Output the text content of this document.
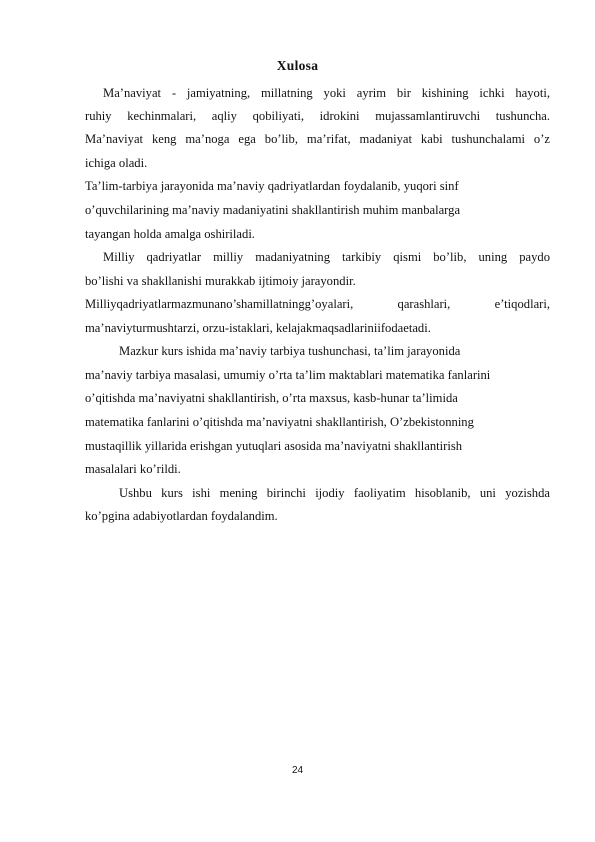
Xulosa
Ma’naviyat - jamiyatning, millatning yoki ayrim bir kishining ichki hayoti,
ruhiy kechinmalari, aqliy qobiliyati, idrokini mujassamlantiruvchi tushuncha.
Ma’naviyat keng ma’noga ega bo’lib, ma’rifat, madaniyat kabi tushunchalami o’z
ichiga oladi.
Ta’lim-tarbiya jarayonida ma’naviy qadriyatlardan foydalanib, yuqori sinf
o’quvchilarining ma’naviy madaniyatini shakllantirish muhim manbalarga
tayangan holda amalga oshiriladi.
Milliy qadriyatlar milliy madaniyatning tarkibiy qismi bo’lib, uning paydo
bo’lishi va shakllanishi murakkab ijtimoiy jarayondir.
Milliyqadriyatlarmazmunano’shamillatningg’oyalari, qarashlari, e’tiqodlari,
ma’naviyturmushtarzi, orzu-istaklari, kelajakmaqsadlariniifodaetadi.
Mazkur kurs ishida ma’naviy tarbiya tushunchasi, ta’lim jarayonida
ma’naviy tarbiya masalasi, umumiy o’rta ta’lim maktablari matematika fanlarini
o’qitishda ma’naviyatni shakllantirish, o’rta maxsus, kasb-hunar ta’limida
matematika fanlarini o’qitishda ma’naviyatni shakllantirish, O’zbekistonning
mustaqillik yillarida erishgan yutuqlari asosida ma’naviyatni shakllantirish
masalalari ko’rildi.
Ushbu kurs ishi mening birinchi ijodiy faoliyatim hisoblanib, uni yozishda
ko’pgina adabiyotlardan foydalandim.
24
